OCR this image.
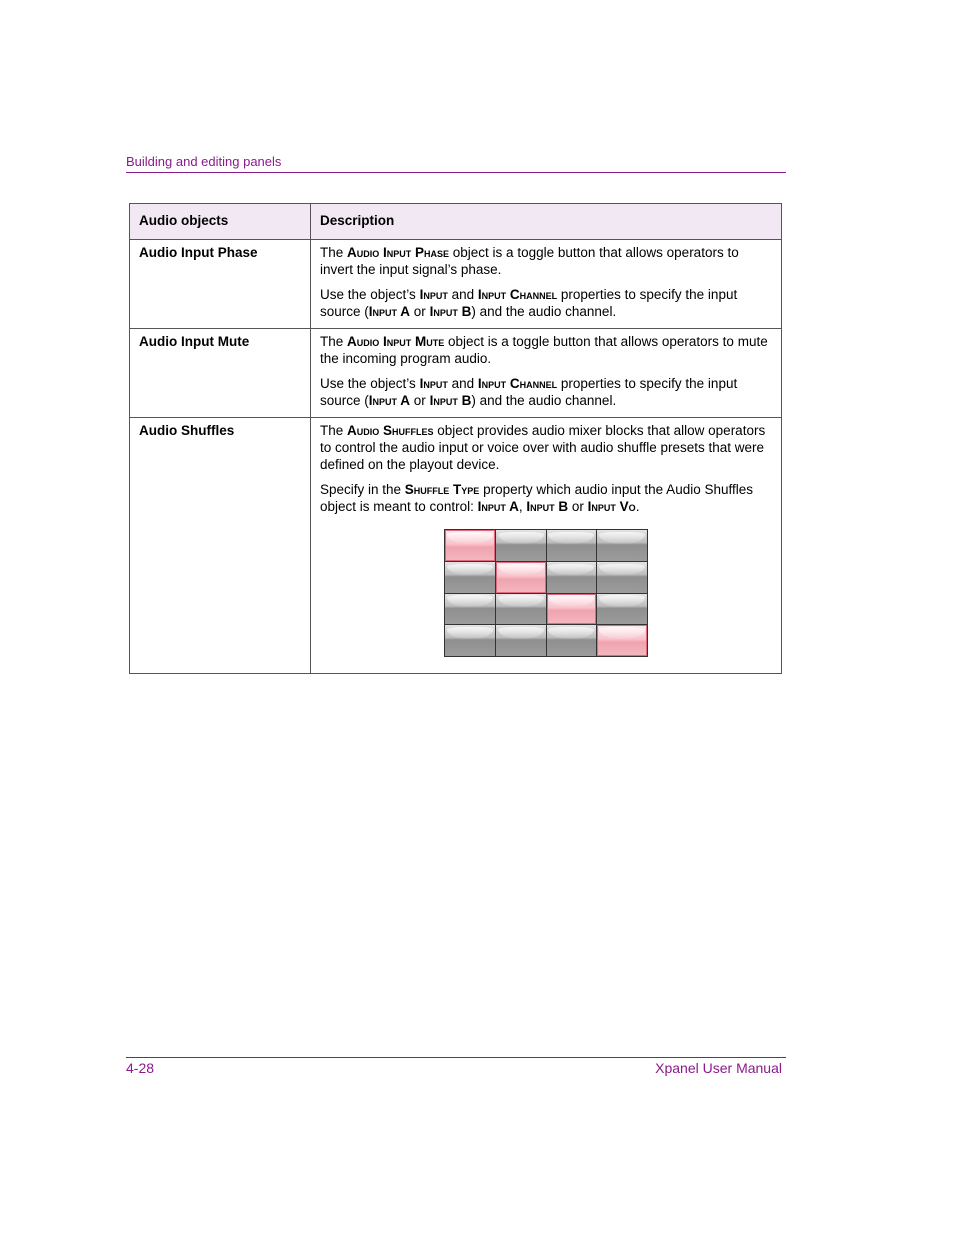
Building and editing panels
Audio objects	Description
Audio Input Phase	The Audio Input Phase object is a toggle button that allows operators to invert the input signal’s phase.

Use the object’s Input and Input Channel properties to specify the input source (Input A or Input B) and the audio channel.

Audio Input Mute	The Audio Input Mute object is a toggle button that allows operators to mute the incoming program audio.

Use the object’s Input and Input Channel properties to specify the input source (Input A or Input B) and the audio channel.

Audio Shuffles	The Audio Shuffles object provides audio mixer blocks that allow operators to control the audio input or voice over with audio shuffle presets that were defined on the playout device.

Specify in the Shuffle Type property which audio input the Audio Shuffles object is meant to control: Input A, Input B or Input Vo.

4-28	Xpanel User Manual
